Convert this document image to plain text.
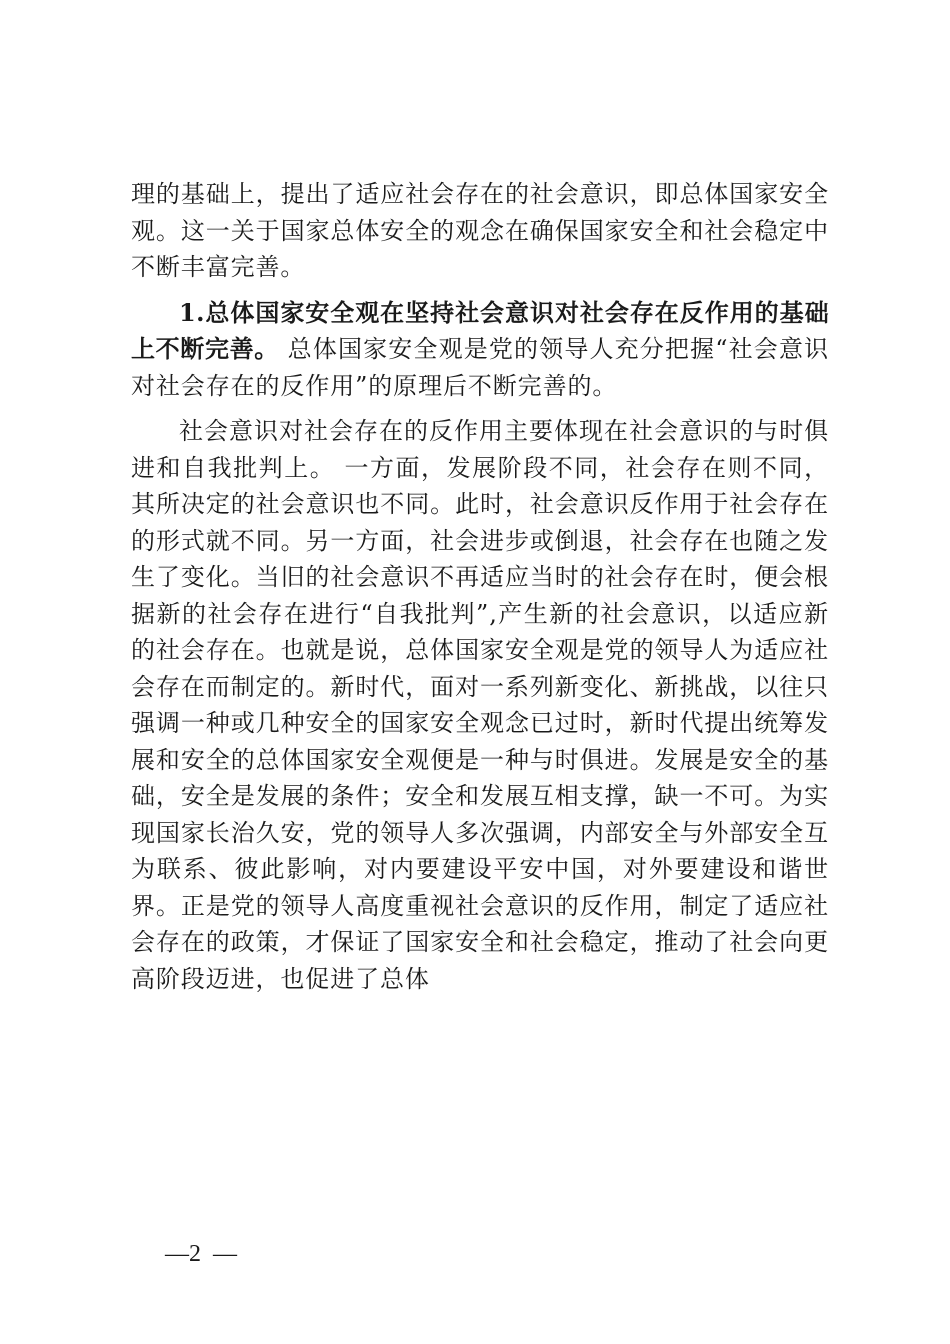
理的基础上，提出了适应社会存在的社会意识，即总体国家安全观。这一关于国家总体安全的观念在确保国家安全和社会稳定中不断丰富完善。

1.总体国家安全观在坚持社会意识对社会存在反作用的基础上不断完善。 总体国家安全观是党的领导人充分把握“社会意识对社会存在的反作用”的原理后不断完善的。

社会意识对社会存在的反作用主要体现在社会意识的与时俱进和自我批判上。 一方面，发展阶段不同，社会存在则不同，其所决定的社会意识也不同。此时，社会意识反作用于社会存在的形式就不同。另一方面，社会进步或倒退，社会存在也随之发生了变化。当旧的社会意识不再适应当时的社会存在时，便会根据新的社会存在进行“自我批判”,产生新的社会意识，以适应新的社会存在。也就是说，总体国家安全观是党的领导人为适应社会存在而制定的。新时代，面对一系列新变化、新挑战，以往只强调一种或几种安全的国家安全观念已过时，新时代提出统筹发展和安全的总体国家安全观便是一种与时俱进。发展是安全的基础，安全是发展的条件；安全和发展互相支撑，缺一不可。为实现国家长治久安，党的领导人多次强调，内部安全与外部安全互为联系、彼此影响，对内要建设平安中国，对外要建设和谐世界。正是党的领导人高度重视社会意识的反作用，制定了适应社会存在的政策，才保证了国家安全和社会稳定，推动了社会向更高阶段迈进，也促进了总体

—2  —
